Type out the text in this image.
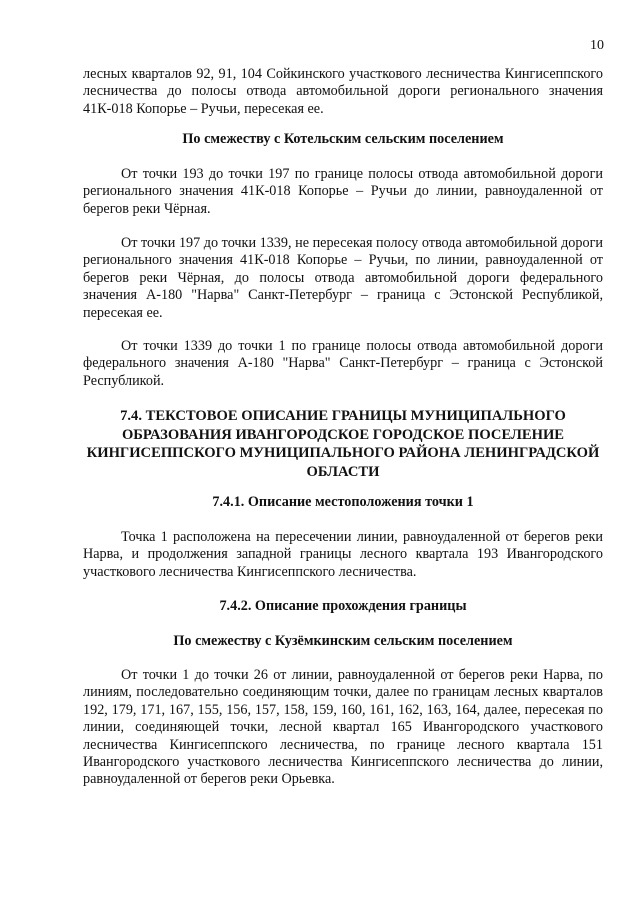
10

лесных кварталов 92, 91, 104 Сойкинского участкового лесничества Кингисеппского лесничества до полосы отвода автомобильной дороги регионального значения 41К-018 Копорье – Ручьи, пересекая ее.

По смежеству с Котельским сельским поселением

От точки 193 до точки 197 по границе полосы отвода автомобильной дороги регионального значения 41К-018 Копорье – Ручьи до линии, равноудаленной от берегов реки Чёрная.

От точки 197 до точки 1339, не пересекая полосу отвода автомобильной дороги регионального значения 41К-018 Копорье – Ручьи, по линии, равноудаленной от берегов реки Чёрная, до полосы отвода автомобильной дороги федерального значения А-180 "Нарва" Санкт-Петербург – граница с Эстонской Республикой, пересекая ее.

От точки 1339 до точки 1 по границе полосы отвода автомобильной дороги федерального значения А-180 "Нарва" Санкт-Петербург – граница с Эстонской Республикой.

7.4. ТЕКСТОВОЕ ОПИСАНИЕ ГРАНИЦЫ МУНИЦИПАЛЬНОГО ОБРАЗОВАНИЯ ИВАНГОРОДСКОЕ ГОРОДСКОЕ ПОСЕЛЕНИЕ КИНГИСЕППСКОГО МУНИЦИПАЛЬНОГО РАЙОНА ЛЕНИНГРАДСКОЙ ОБЛАСТИ

7.4.1. Описание местоположения точки 1

Точка 1 расположена на пересечении линии, равноудаленной от берегов реки Нарва, и продолжения западной границы лесного квартала 193 Ивангородского участкового лесничества Кингисеппского лесничества.

7.4.2. Описание прохождения границы

По смежеству с Кузёмкинским сельским поселением

От точки 1 до точки 26 от линии, равноудаленной от берегов реки Нарва, по линиям, последовательно соединяющим точки, далее по границам лесных кварталов 192, 179, 171, 167, 155, 156, 157, 158, 159, 160, 161, 162, 163, 164, далее, пересекая по линии, соединяющей точки, лесной квартал 165 Ивангородского участкового лесничества Кингисеппского лесничества, по границе лесного квартала 151 Ивангородского участкового лесничества Кингисеппского лесничества до линии, равноудаленной от берегов реки Орьевка.
